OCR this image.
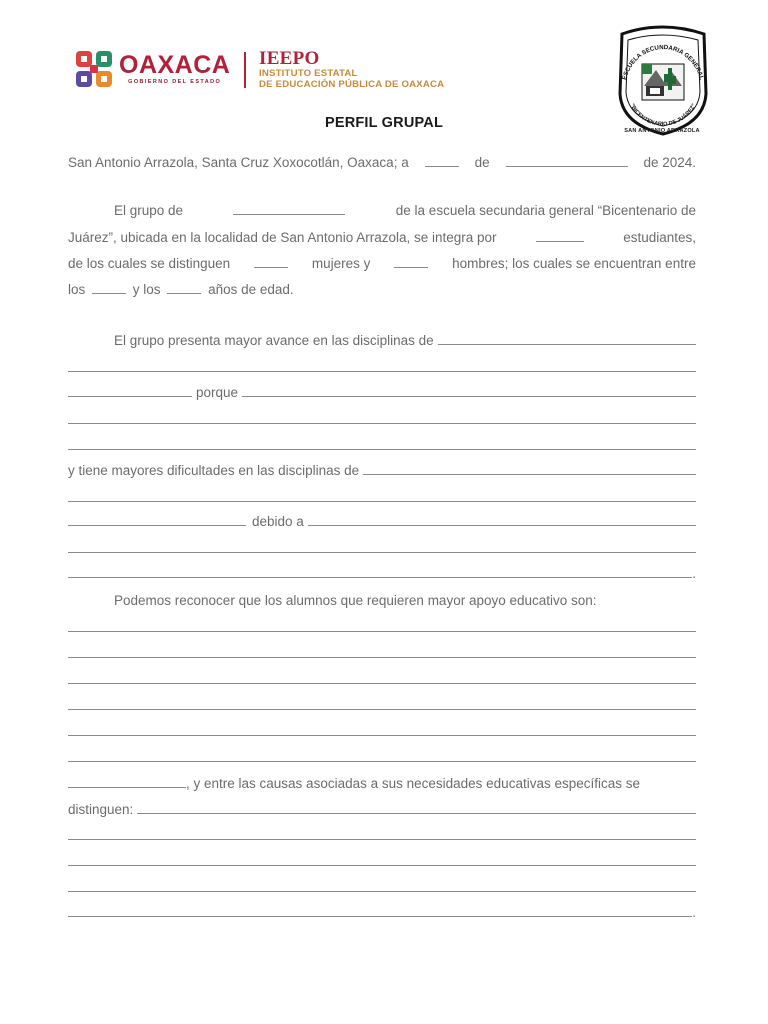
OAXACA
GOBIERNO DEL ESTADO
IEEPO
INSTITUTO ESTATAL
DE EDUCACIÓN PÚBLICA DE OAXACA
ESCUELA SECUNDARIA GENERAL
"BICENTENARIO DE JUÁREZ"
SAN ANTONIO ARRAZOLA
PERFIL GRUPAL
San Antonio Arrazola, Santa Cruz Xoxocotlán, Oaxaca; a	de	de 2024.
El grupo de	de la escuela secundaria general “Bicentenario de
Juárez”, ubicada en la localidad de San Antonio Arrazola, se integra por	estudiantes,
de los cuales se distinguen	mujeres y	hombres; los cuales se encuentran entre
los	y los	años de edad.
El grupo presenta mayor avance en las disciplinas de
porque
y tiene mayores dificultades en las disciplinas de
debido a
.
Podemos reconocer que los alumnos que requieren mayor apoyo educativo son:
, y entre las causas asociadas a sus necesidades educativas específicas se
distinguen:
.
